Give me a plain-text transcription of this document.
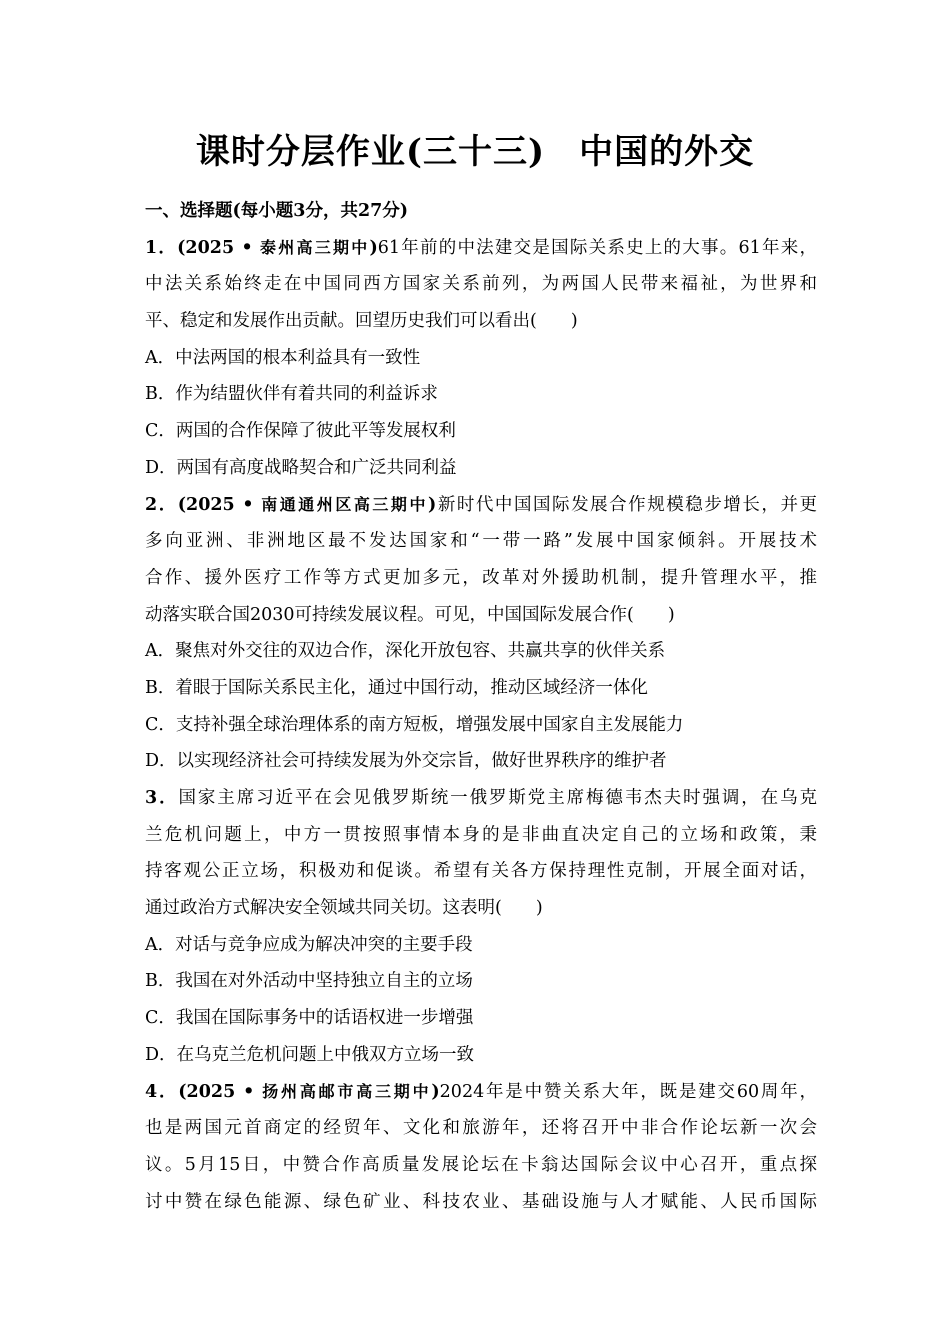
课时分层作业(三十三) 中国的外交
一、选择题(每小题3分，共27分)
1．(2025 • 泰州高三期中)61年前的中法建交是国际关系史上的大事。61年来，
中法关系始终走在中国同西方国家关系前列，为两国人民带来福祉，为世界和
平、稳定和发展作出贡献。回望历史我们可以看出( )
A．中法两国的根本利益具有一致性
B．作为结盟伙伴有着共同的利益诉求
C．两国的合作保障了彼此平等发展权利
D．两国有高度战略契合和广泛共同利益
2．(2025 • 南通通州区高三期中)新时代中国国际发展合作规模稳步增长，并更
多向亚洲、非洲地区最不发达国家和“一带一路”发展中国家倾斜。开展技术
合作、援外医疗工作等方式更加多元，改革对外援助机制，提升管理水平，推
动落实联合国2030可持续发展议程。可见，中国国际发展合作( )
A．聚焦对外交往的双边合作，深化开放包容、共赢共享的伙伴关系
B．着眼于国际关系民主化，通过中国行动，推动区域经济一体化
C．支持补强全球治理体系的南方短板，增强发展中国家自主发展能力
D．以实现经济社会可持续发展为外交宗旨，做好世界秩序的维护者
3．国家主席习近平在会见俄罗斯统一俄罗斯党主席梅德韦杰夫时强调，在乌克
兰危机问题上，中方一贯按照事情本身的是非曲直决定自己的立场和政策，秉
持客观公正立场，积极劝和促谈。希望有关各方保持理性克制，开展全面对话，
通过政治方式解决安全领域共同关切。这表明( )
A．对话与竞争应成为解决冲突的主要手段
B．我国在对外活动中坚持独立自主的立场
C．我国在国际事务中的话语权进一步增强
D．在乌克兰危机问题上中俄双方立场一致
4．(2025 • 扬州高邮市高三期中)2024年是中赞关系大年，既是建交60周年，
也是两国元首商定的经贸年、文化和旅游年，还将召开中非合作论坛新一次会
议。5月15日，中赞合作高质量发展论坛在卡翁达国际会议中心召开，重点探
讨中赞在绿色能源、绿色矿业、科技农业、基础设施与人才赋能、人民币国际
